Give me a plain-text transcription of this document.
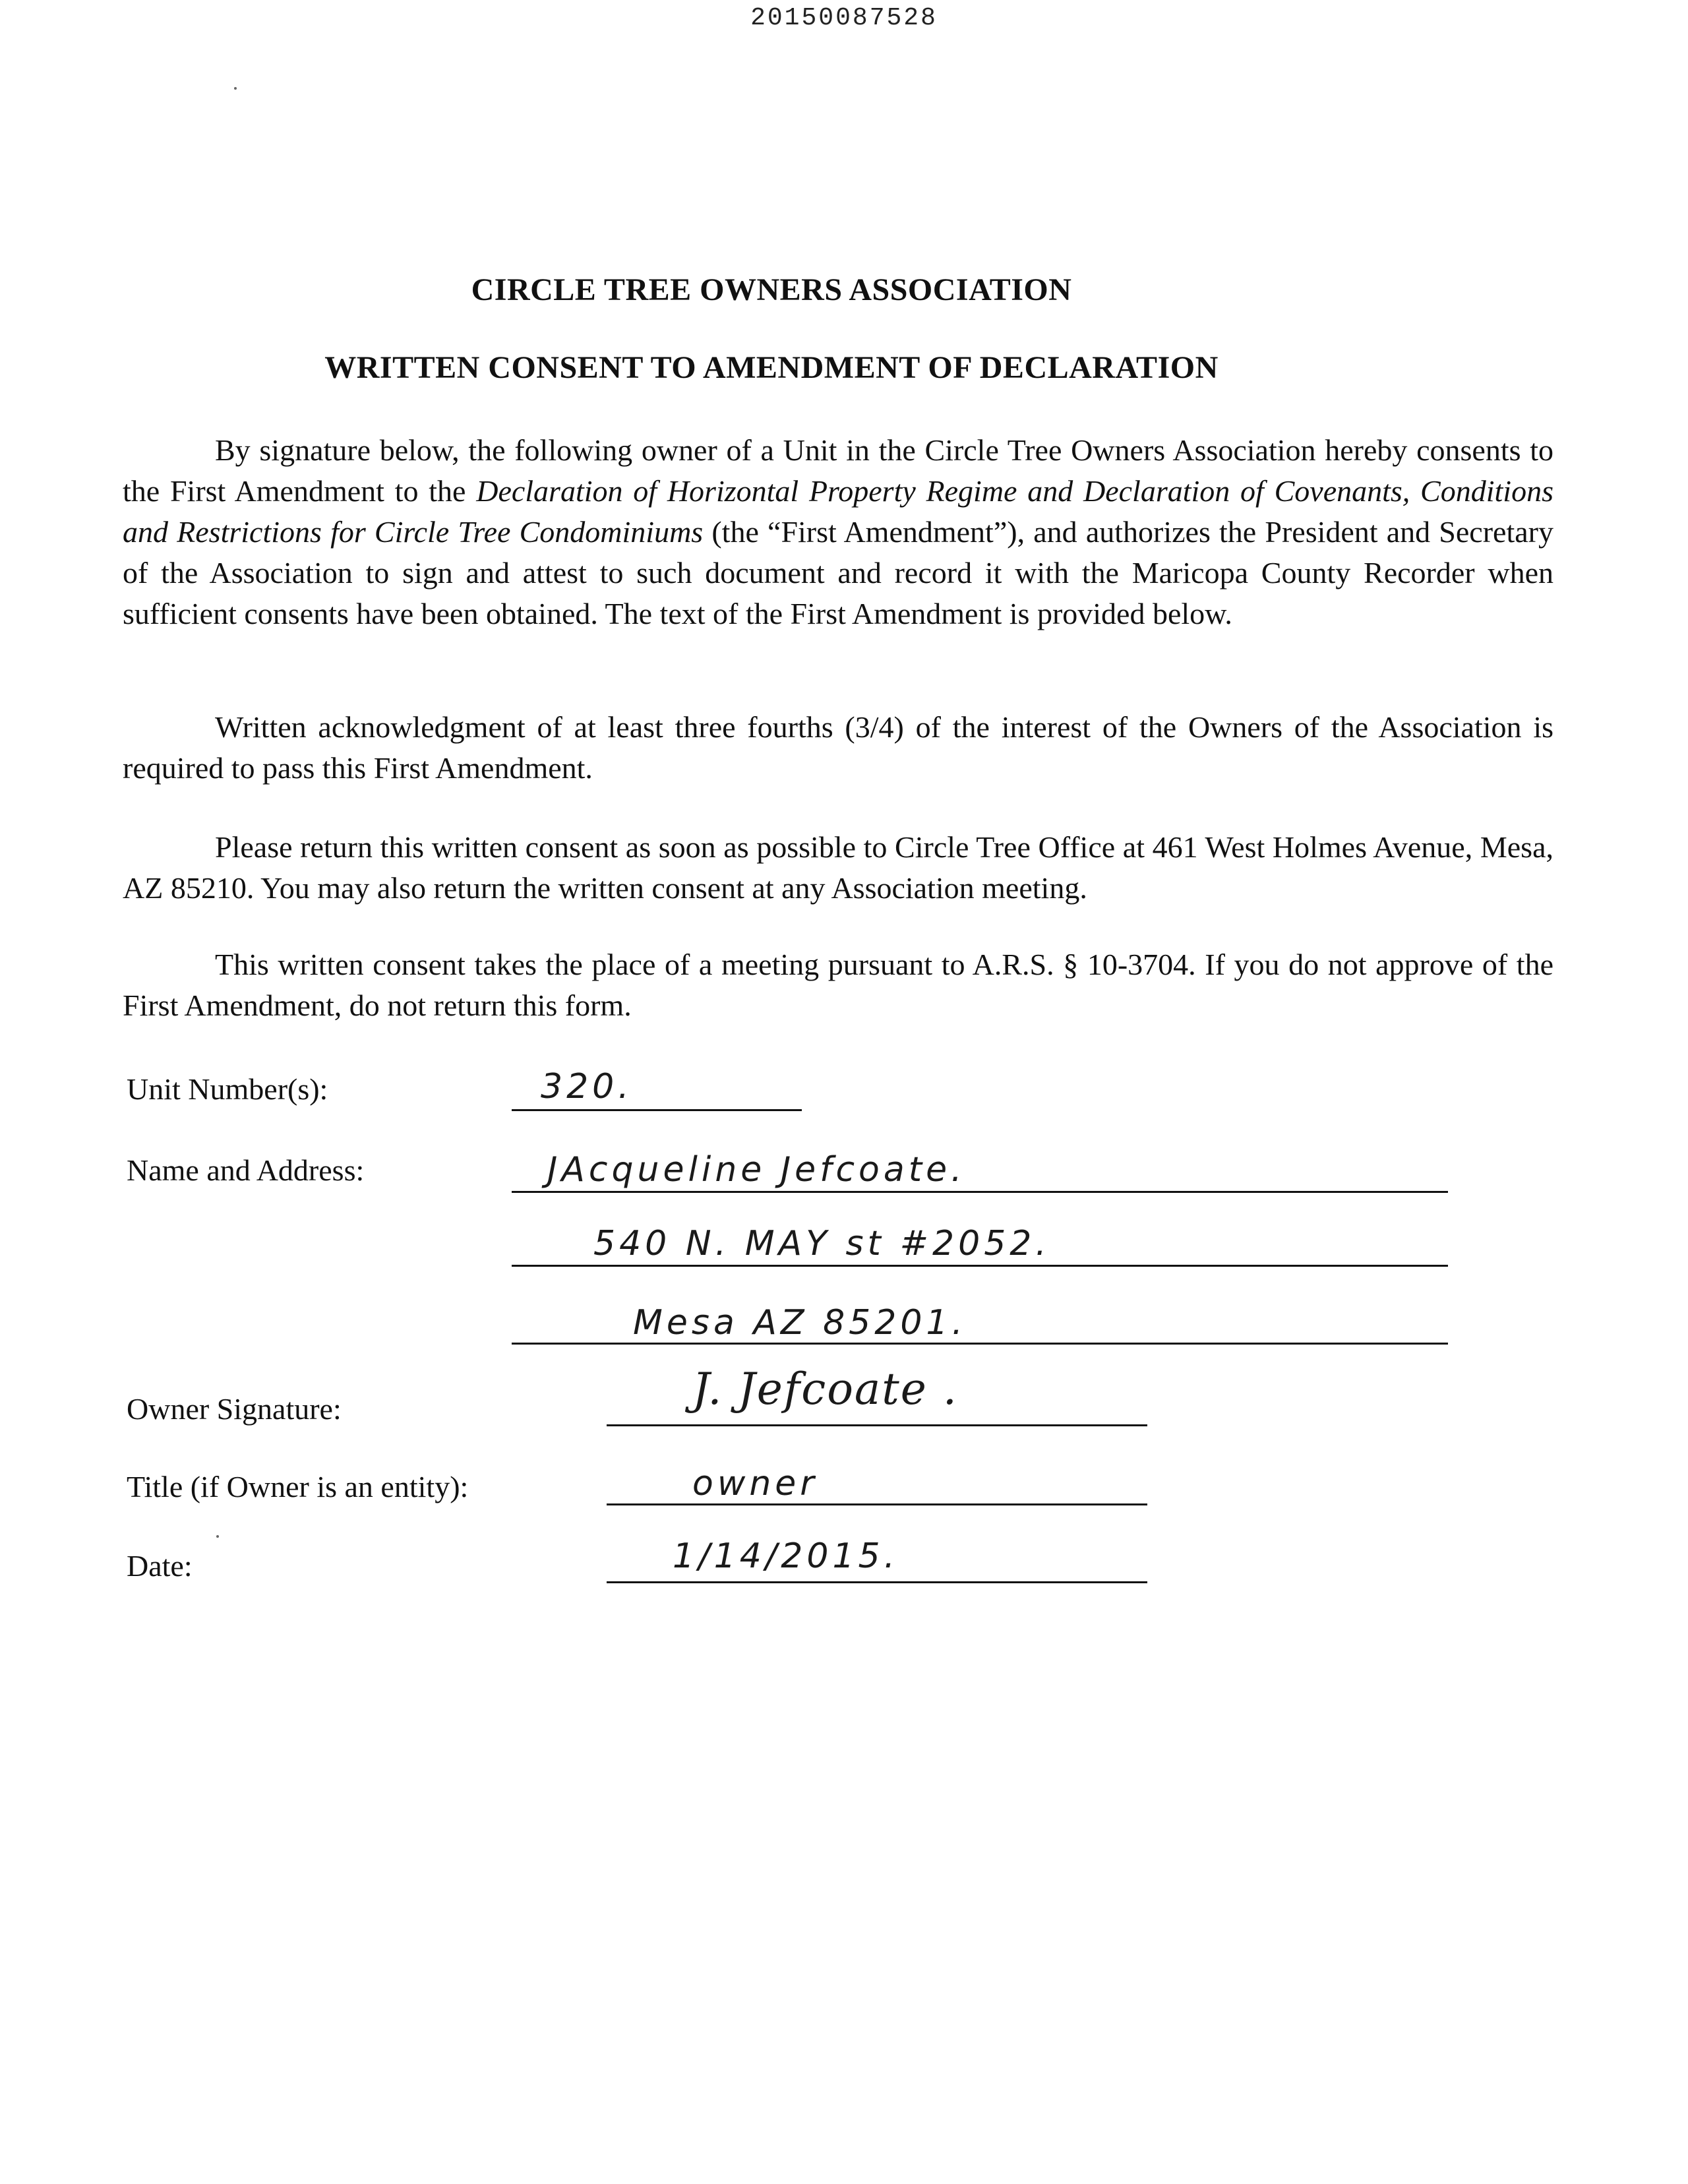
20150087528
CIRCLE TREE OWNERS ASSOCIATION
WRITTEN CONSENT TO AMENDMENT OF DECLARATION

By signature below, the following owner of a Unit in the Circle Tree Owners Association hereby consents to the First Amendment to the Declaration of Horizontal Property Regime and Declaration of Covenants, Conditions and Restrictions for Circle Tree Condominiums (the “First Amendment”), and authorizes the President and Secretary of the Association to sign and attest to such document and record it with the Maricopa County Recorder when sufficient consents have been obtained. The text of the First Amendment is provided below.

Written acknowledgment of at least three fourths (3/4) of the interest of the Owners of the Association is required to pass this First Amendment.

Please return this written consent as soon as possible to Circle Tree Office at 461 West Holmes Avenue, Mesa, AZ 85210. You may also return the written consent at any Association meeting.

This written consent takes the place of a meeting pursuant to A.R.S. § 10-3704. If you do not approve of the First Amendment, do not return this form.

Unit Number(s):	320.
Name and Address:	JAcqueline Jefcoate.
540 N. MAY st #2052.
Mesa AZ 85201.
Owner Signature:	J. Jefcoate .
Title (if Owner is an entity):	owner
Date:	1/14/2015.
